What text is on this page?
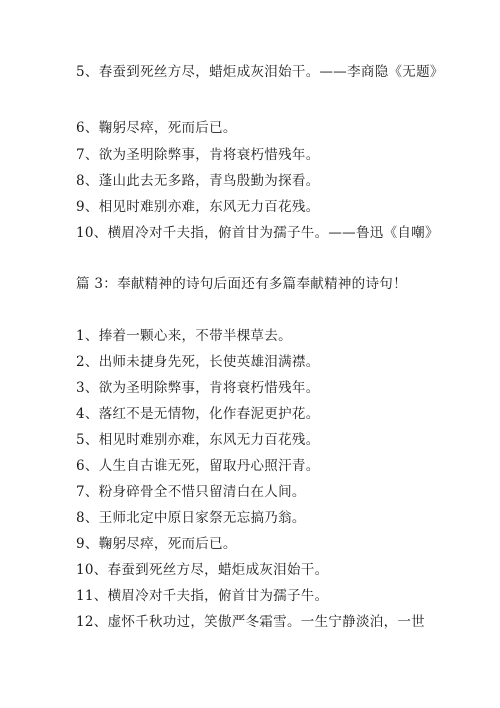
5、春蚕到死丝方尽，蜡炬成灰泪始干。——李商隐《无题》
6、鞠躬尽瘁，死而后已。
7、欲为圣明除弊事，肯将衰朽惜残年。
8、蓬山此去无多路，青鸟殷勤为探看。
9、相见时难别亦难，东风无力百花残。
10、横眉冷对千夫指，俯首甘为孺子牛。——鲁迅《自嘲》
篇 3：奉献精神的诗句后面还有多篇奉献精神的诗句！
1、捧着一颗心来，不带半棵草去。
2、出师未捷身先死，长使英雄泪满襟。
3、欲为圣明除弊事，肯将衰朽惜残年。
4、落红不是无情物，化作春泥更护花。
5、相见时难别亦难，东风无力百花残。
6、人生自古谁无死，留取丹心照汗青。
7、粉身碎骨全不惜只留清白在人间。
8、王师北定中原日家祭无忘搞乃翁。
9、鞠躬尽瘁，死而后已。
10、春蚕到死丝方尽，蜡炬成灰泪始干。
11、横眉冷对千夫指，俯首甘为孺子牛。
12、虚怀千秋功过，笑傲严冬霜雪。一生宁静淡泊，一世
